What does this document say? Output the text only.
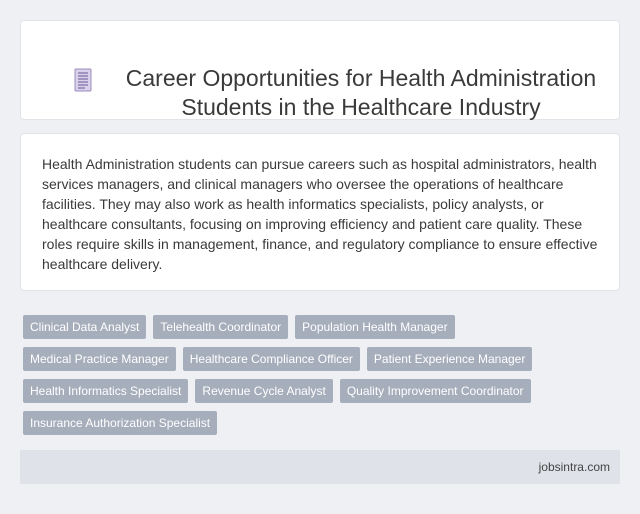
Career Opportunities for Health Administration Students in the Healthcare Industry

Health Administration students can pursue careers such as hospital administrators, health services managers, and clinical managers who oversee the operations of healthcare facilities. They may also work as health informatics specialists, policy analysts, or healthcare consultants, focusing on improving efficiency and patient care quality. These roles require skills in management, finance, and regulatory compliance to ensure effective healthcare delivery.

Clinical Data Analyst	Telehealth Coordinator	Population Health Manager
Medical Practice Manager	Healthcare Compliance Officer	Patient Experience Manager
Health Informatics Specialist	Revenue Cycle Analyst	Quality Improvement Coordinator
Insurance Authorization Specialist
jobsintra.com
